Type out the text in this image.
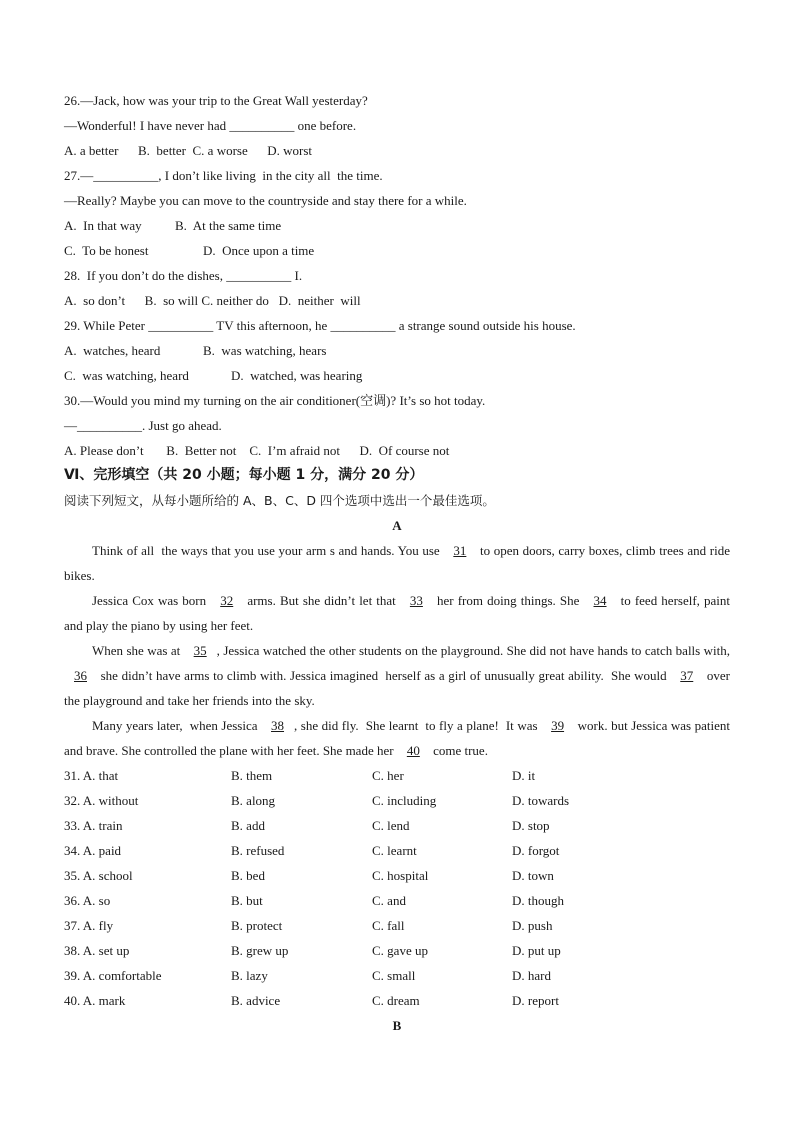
26.—Jack, how was your trip to the Great Wall yesterday?
—Wonderful! I have never had __________ one before.
A. a better      B.  better  C. a worse      D. worst
27.—__________, I don’t like living  in the city all  the time.
—Really? Maybe you can move to the countryside and stay there for a while.
A.  In that way	B.  At the same time
C.  To be honest	D.  Once upon a time
28.  If you don’t do the dishes, __________ I.
A.  so don’t      B.  so will C. neither do   D.  neither  will
29. While Peter __________ TV this afternoon, he __________ a strange sound outside his house.
A.  watches, heard	B.  was watching, hears
C.  was watching, heard	D.  watched, was hearing
30.—Would you mind my turning on the air conditioner(空调)? It’s so hot today.
—__________. Just go ahead.
A. Please don’t       B.  Better not    C.  I’m afraid not      D.  Of course not
Ⅵ、完形填空（共 20 小题；每小题 1 分，满分 20 分）
阅读下列短文，从每小题所给的 A、B、C、D 四个选项中选出一个最佳选项。
A
Think of all  the ways that you use your arm s and hands. You use 31 to open doors, carry boxes, climb trees and ride bikes.
Jessica Cox was born 32 arms. But she didn’t let that 33 her from doing things. She 34 to feed herself, paint and play the piano by using her feet.
When she was at 35 , Jessica watched the other students on the playground. She did not have hands to catch balls with, 36 she didn’t have arms to climb with. Jessica imagined  herself as a girl of unusually great ability.  She would 37 over the playground and take her friends into the sky.
Many years later,  when Jessica 38 , she did fly.  She learnt  to fly a plane!  It was 39 work. but Jessica was patient and brave. She controlled the plane with her feet. She made her 40 come true.
31. A. that	B. them	C. her	D. it
32. A. without	B. along	C. including	D. towards
33. A. train	B. add	C. lend	D. stop
34. A. paid	B. refused	C. learnt	D. forgot
35. A. school	B. bed	C. hospital	D. town
36. A. so	B. but	C. and	D. though
37. A. fly	B. protect	C. fall	D. push
38. A. set up	B. grew up	C. gave up	D. put up
39. A. comfortable	B. lazy	C. small	D. hard
40. A. mark	B. advice	C. dream	D. report
B
